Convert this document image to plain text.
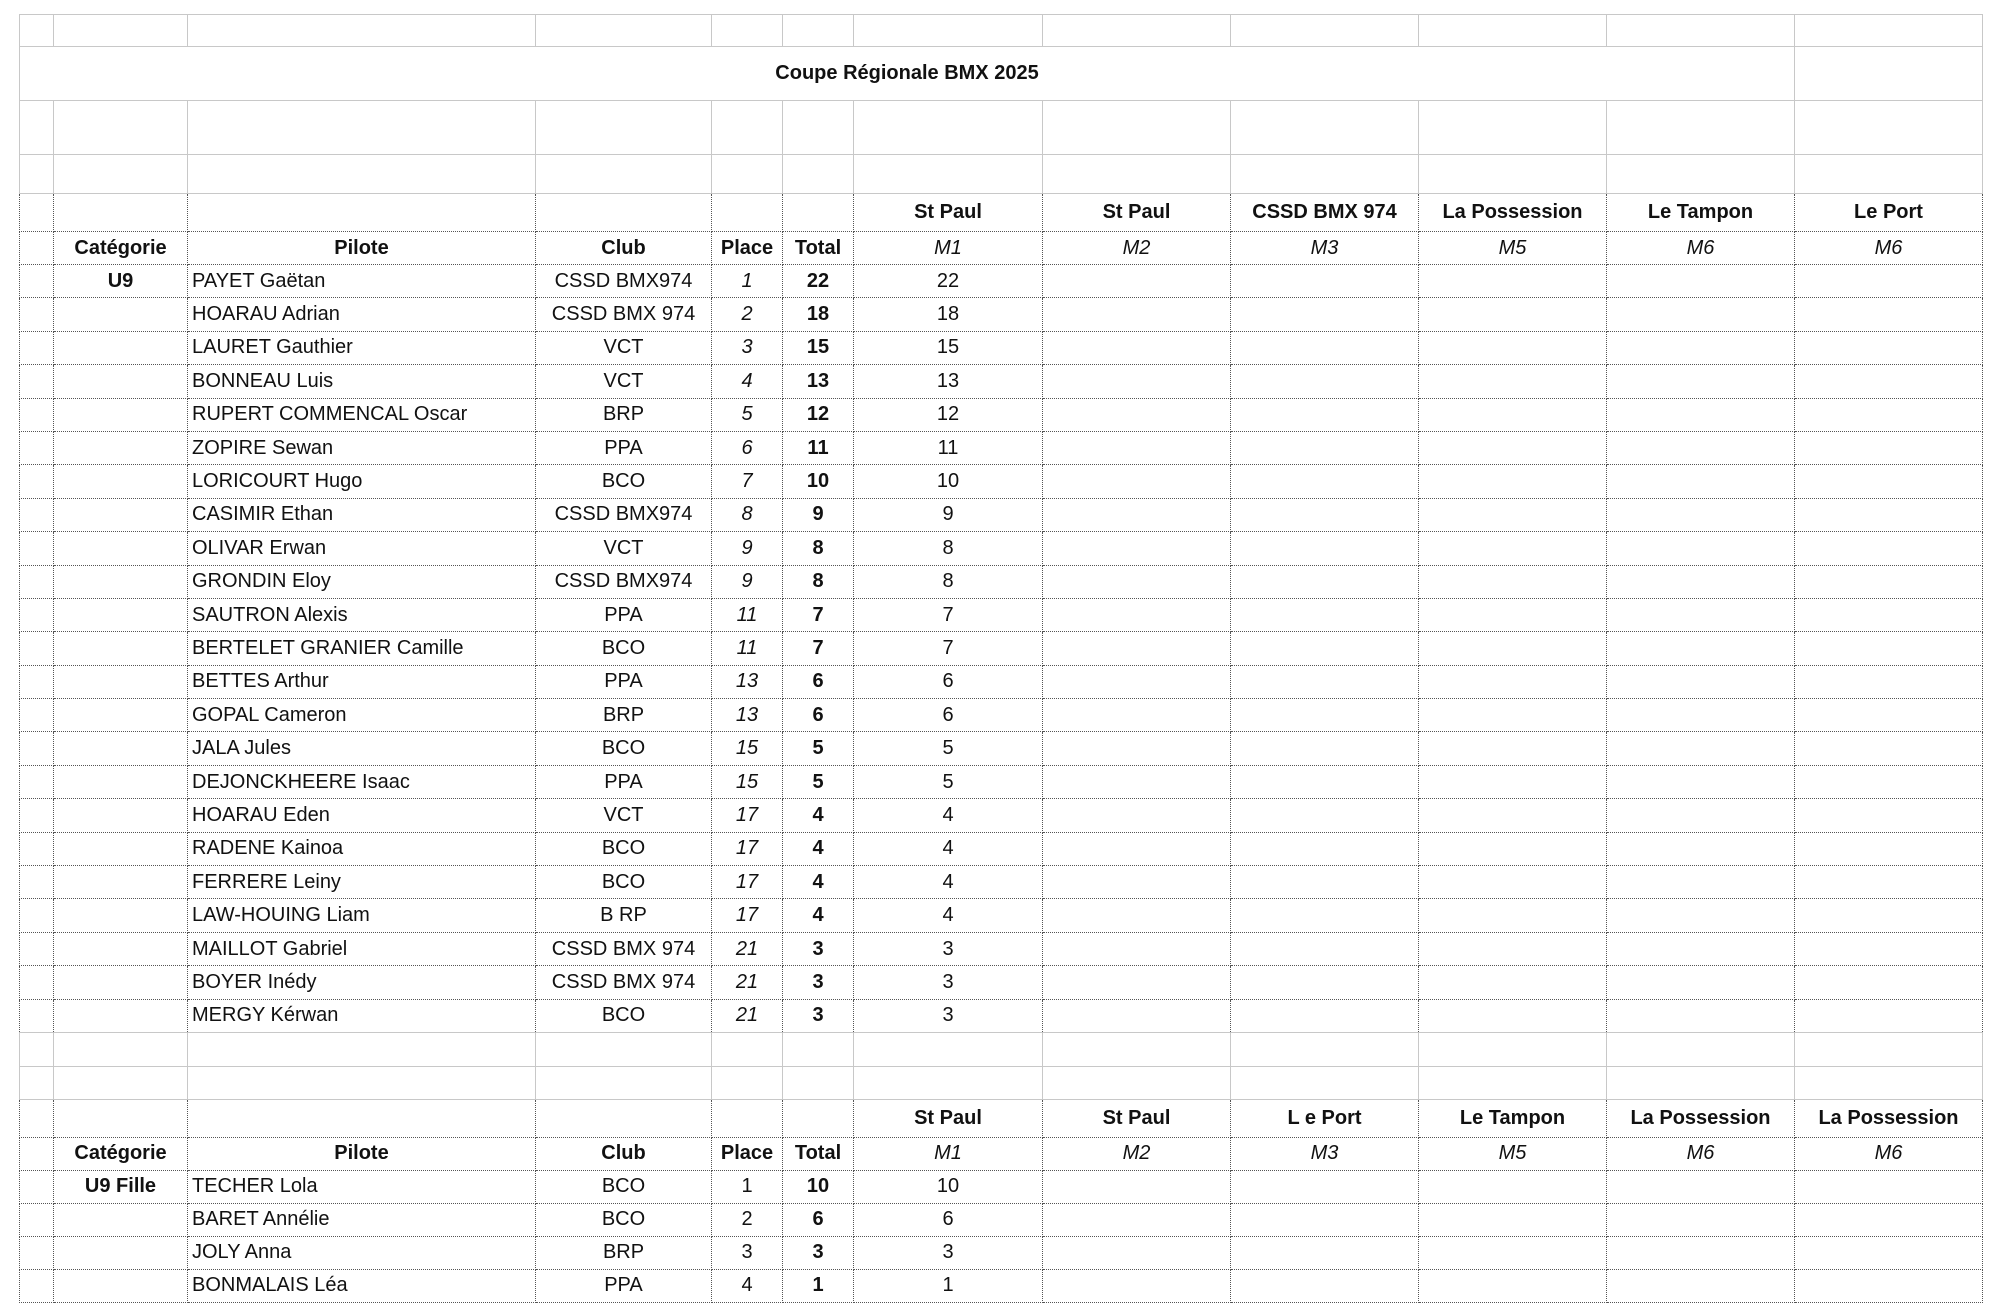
Coupe Régionale BMX 2025											

						St Paul	St Paul	CSSD BMX 974	La Possession	Le Tampon	Le Port
	Catégorie	Pilote	Club	Place	Total	M1	M2	M3	M5	M6	M6
	U9	PAYET Gaëtan	CSSD BMX974	1	22	22					
		HOARAU Adrian	CSSD BMX 974	2	18	18					
		LAURET Gauthier	VCT	3	15	15					
		BONNEAU Luis	VCT	4	13	13					
		RUPERT COMMENCAL Oscar	BRP	5	12	12					
		ZOPIRE Sewan	PPA	6	11	11					
		LORICOURT Hugo	BCO	7	10	10					
		CASIMIR Ethan	CSSD BMX974	8	9	9					
		OLIVAR Erwan	VCT	9	8	8					
		GRONDIN Eloy	CSSD BMX974	9	8	8					
		SAUTRON Alexis	PPA	11	7	7					
		BERTELET GRANIER Camille	BCO	11	7	7					
		BETTES Arthur	PPA	13	6	6					
		GOPAL Cameron	BRP	13	6	6					
		JALA Jules	BCO	15	5	5					
		DEJONCKHEERE Isaac	PPA	15	5	5					
		HOARAU Eden	VCT	17	4	4					
		RADENE Kainoa	BCO	17	4	4					
		FERRERE Leiny	BCO	17	4	4					
		LAW-HOUING Liam	B RP	17	4	4					
		MAILLOT Gabriel	CSSD BMX 974	21	3	3					
		BOYER Inédy	CSSD BMX 974	21	3	3					
		MERGY Kérwan	BCO	21	3	3					

						St Paul	St Paul	L e Port	Le Tampon	La Possession	La Possession
	Catégorie	Pilote	Club	Place	Total	M1	M2	M3	M5	M6	M6
	U9 Fille	TECHER Lola	BCO	1	10	10					
		BARET Annélie	BCO	2	6	6					
		JOLY Anna	BRP	3	3	3					
		BONMALAIS Léa	PPA	4	1	1					
